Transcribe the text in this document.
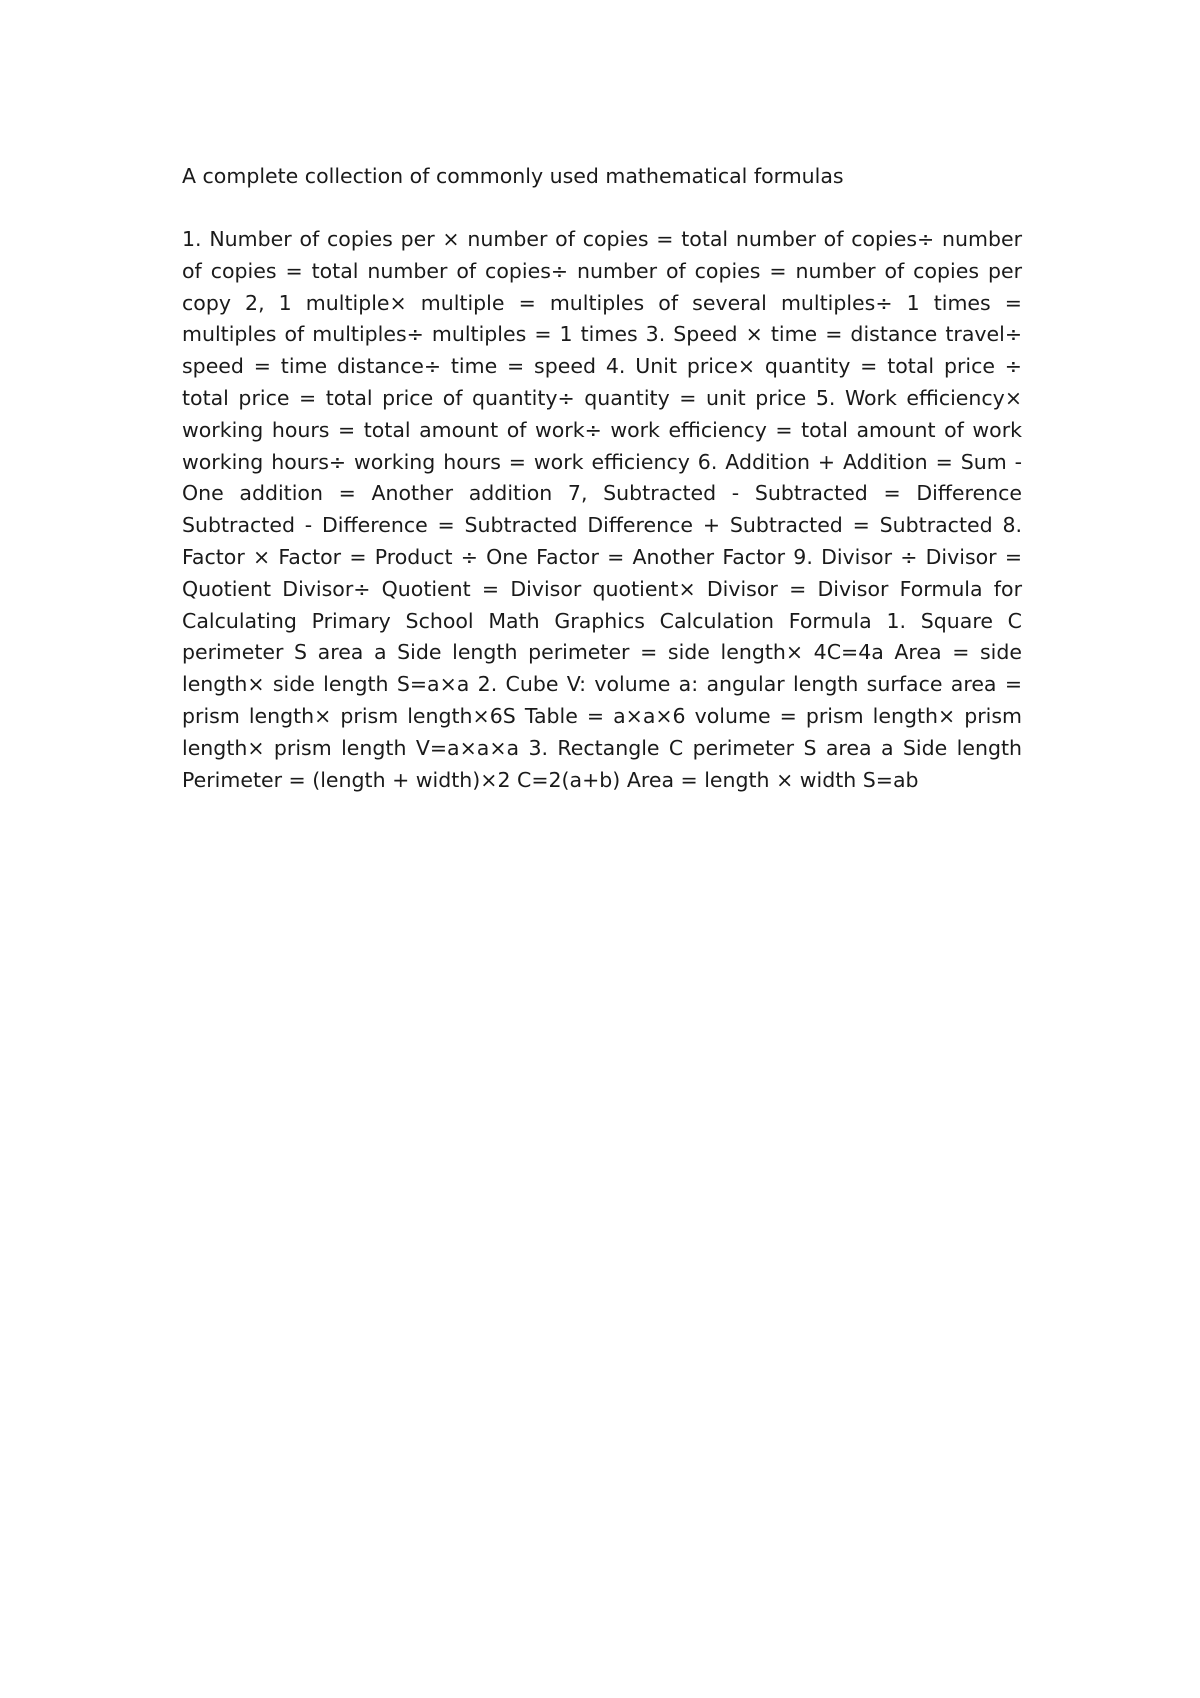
A complete collection of commonly used mathematical formulas

1. Number of copies per × number of copies = total number of copies÷ number of copies = total number of copies÷ number of copies = number of copies per copy 2, 1 multiple× multiple = multiples of several multiples÷ 1 times = multiples of multiples÷ multiples = 1 times 3. Speed × time = distance travel÷ speed = time distance÷ time = speed 4. Unit price× quantity = total price ÷ total price = total price of quantity÷ quantity = unit price 5. Work efficiency× working hours = total amount of work÷ work efficiency = total amount of work working hours÷ working hours = work efficiency 6. Addition + Addition = Sum - One addition = Another addition 7, Subtracted - Subtracted = Difference Subtracted - Difference = Subtracted Difference + Subtracted = Subtracted 8. Factor × Factor = Product ÷ One Factor = Another Factor 9. Divisor ÷ Divisor = Quotient Divisor÷ Quotient = Divisor quotient× Divisor = Divisor Formula for Calculating Primary School Math Graphics Calculation Formula 1. Square C perimeter S area a Side length perimeter = side length× 4C=4a Area = side length× side length S=a×a 2. Cube V: volume a: angular length surface area = prism length× prism length×6S Table = a×a×6 volume = prism length× prism length× prism length V=a×a×a 3. Rectangle C perimeter S area a Side length Perimeter = (length + width)×2 C=2(a+b) Area = length × width S=ab
